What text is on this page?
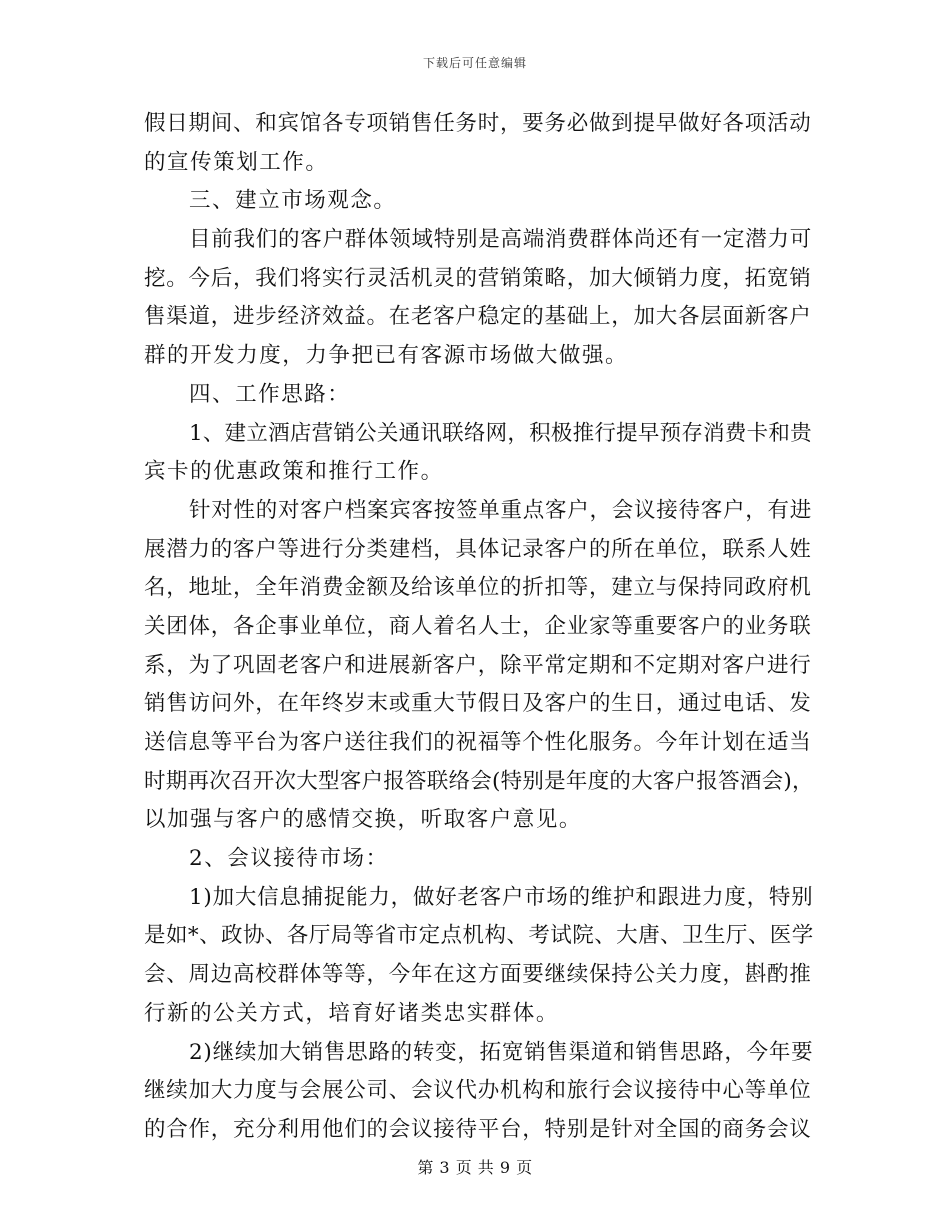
下载后可任意编辑
假日期间、和宾馆各专项销售任务时，要务必做到提早做好各项活动
的宣传策划工作。
三、建立市场观念。
目前我们的客户群体领域特别是高端消费群体尚还有一定潜力可
挖。今后，我们将实行灵活机灵的营销策略，加大倾销力度，拓宽销
售渠道，进步经济效益。在老客户稳定的基础上，加大各层面新客户
群的开发力度，力争把已有客源市场做大做强。
四、工作思路：
1、建立酒店营销公关通讯联络网，积极推行提早预存消费卡和贵
宾卡的优惠政策和推行工作。
针对性的对客户档案宾客按签单重点客户，会议接待客户，有进
展潜力的客户等进行分类建档，具体记录客户的所在单位，联系人姓
名，地址，全年消费金额及给该单位的折扣等，建立与保持同政府机
关团体，各企事业单位，商人着名人士，企业家等重要客户的业务联
系，为了巩固老客户和进展新客户，除平常定期和不定期对客户进行
销售访问外，在年终岁末或重大节假日及客户的生日，通过电话、发
送信息等平台为客户送往我们的祝福等个性化服务。今年计划在适当
时期再次召开次大型客户报答联络会(特别是年度的大客户报答酒会)，
以加强与客户的感情交换，听取客户意见。
2、会议接待市场：
1)加大信息捕捉能力，做好老客户市场的维护和跟进力度，特别
是如*、政协、各厅局等省市定点机构、考试院、大唐、卫生厅、医学
会、周边高校群体等等，今年在这方面要继续保持公关力度，斟酌推
行新的公关方式，培育好诸类忠实群体。
2)继续加大销售思路的转变，拓宽销售渠道和销售思路，今年要
继续加大力度与会展公司、会议代办机构和旅行会议接待中心等单位
的合作，充分利用他们的会议接待平台，特别是针对全国的商务会议
第 3 页 共 9 页
